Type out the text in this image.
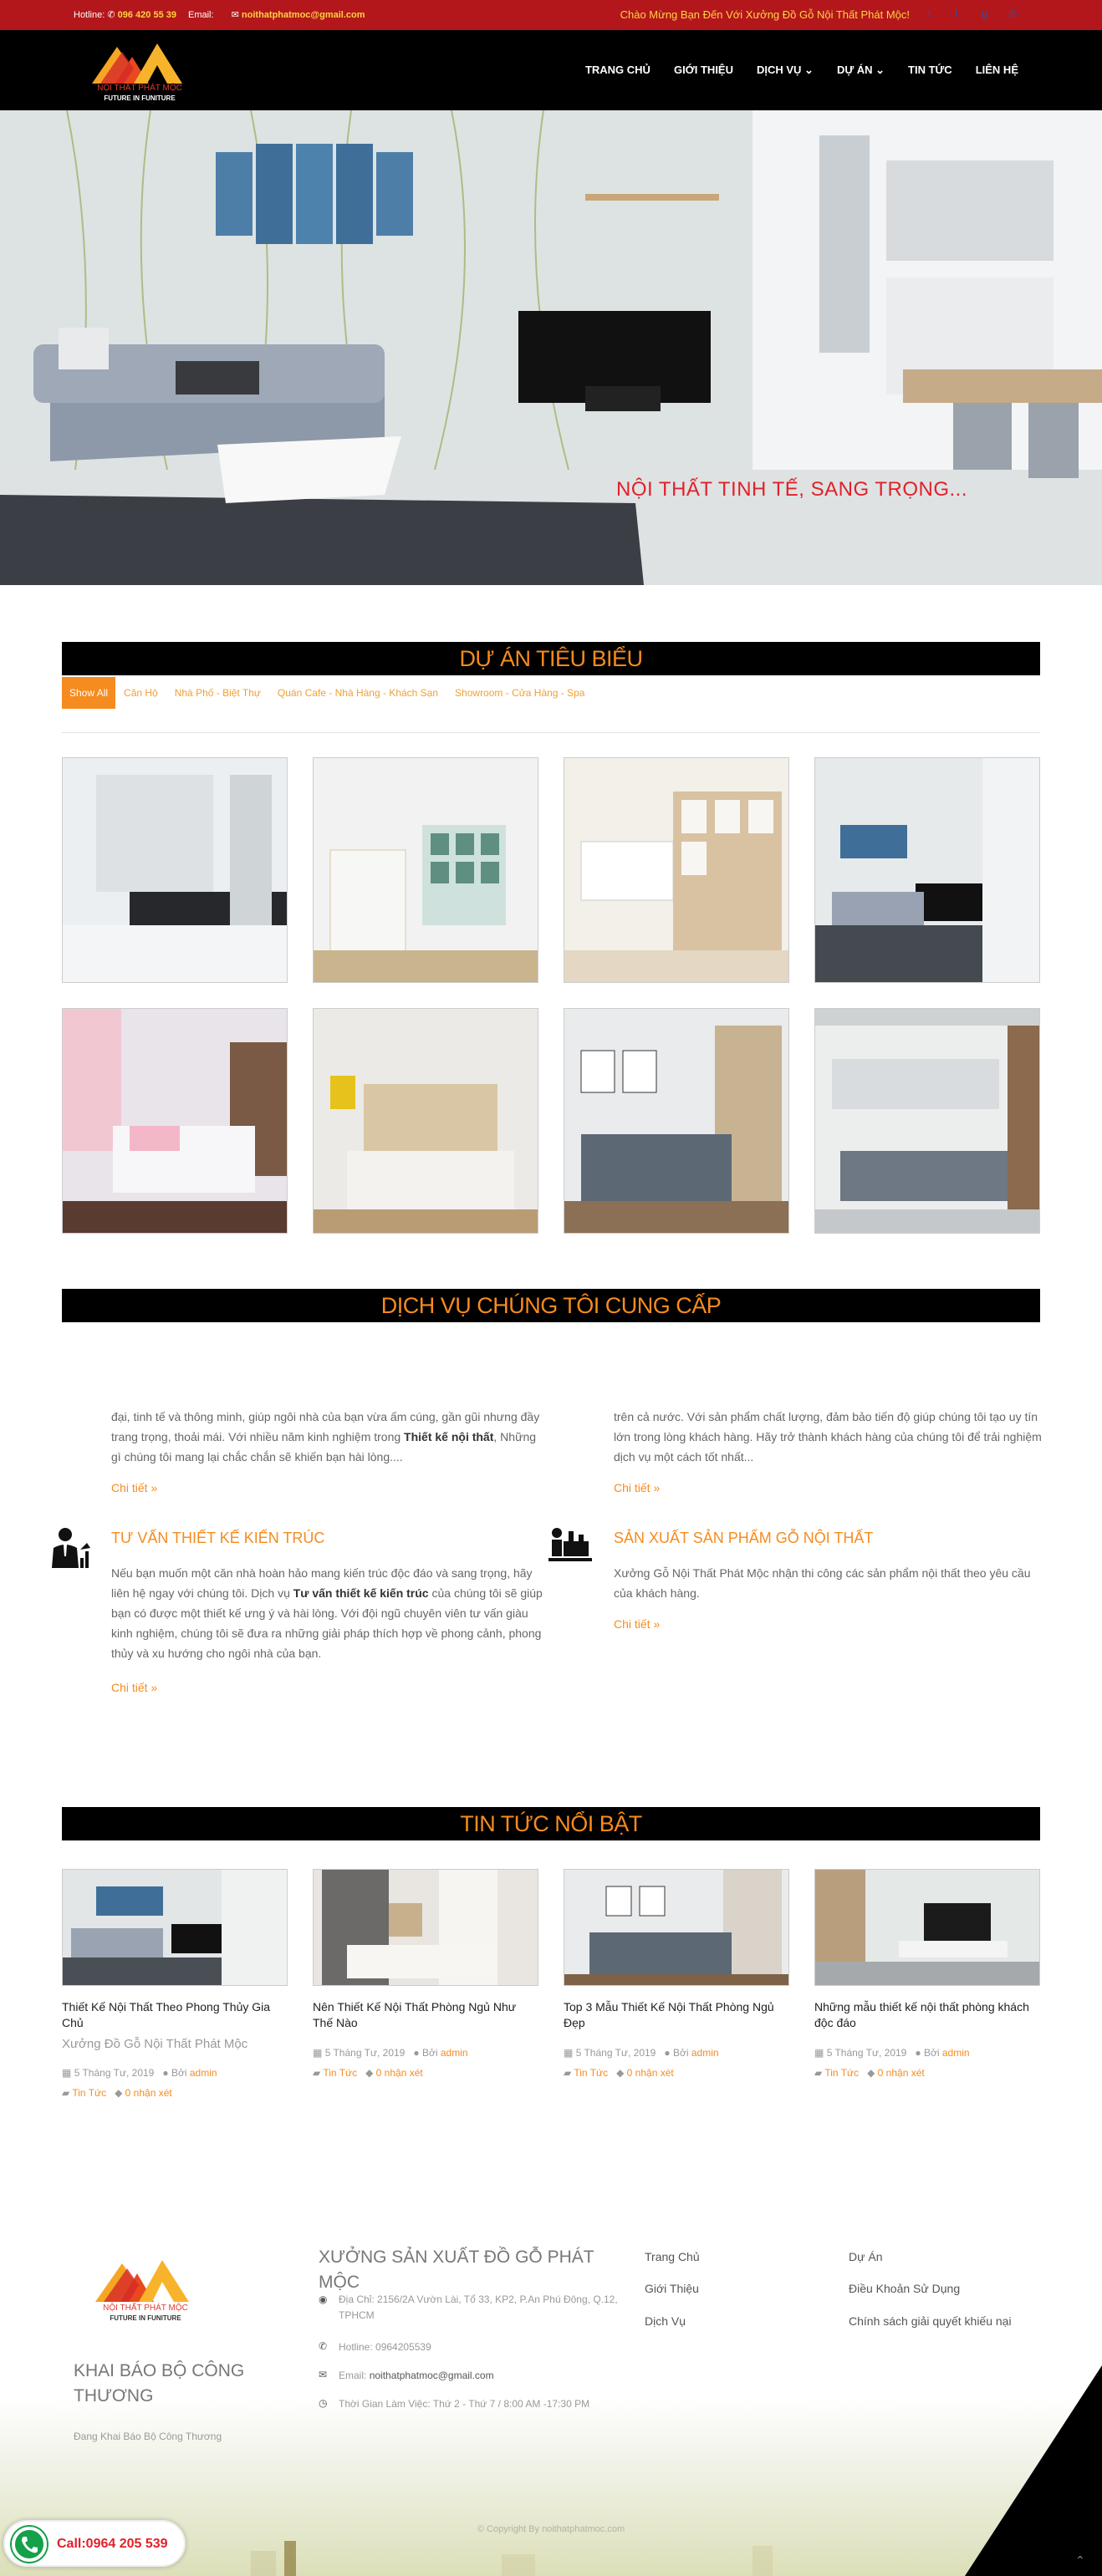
Hotline: ✆ 096 420 55 39 Email: ✉ noithatphatmoc@gmail.com	Chào Mừng Bạn Đến Với Xưởng Đồ Gỗ Nội Thất Phát Mộc! t	f	g	◎
NỘI THẤT PHÁT MỘC
FUTURE IN FUNITURE
TRANG CHỦ GIỚI THIỆU DỊCH VỤ ⌄ DỰ ÁN ⌄ TIN TỨC LIÊN HỆ
NỘI THẤT TINH TẾ, SANG TRỌNG...
DỰ ÁN TIÊU BIỂU
Show All	Căn Hộ	Nhà Phố - Biệt Thự	Quán Cafe - Nhà Hàng - Khách Sạn	Showroom - Cửa Hàng - Spa
DỊCH VỤ CHÚNG TÔI CUNG CẤP
đại, tinh tế và thông minh, giúp ngôi nhà của bạn vừa ấm cúng, gần gũi nhưng đầy trang trọng, thoải mái. Với nhiều năm kinh nghiệm trong Thiết kế nội thất, Những gì chúng tôi mang lại chắc chắn sẽ khiến bạn hài lòng....
Chi tiết »
trên cả nước. Với sản phẩm chất lượng, đảm bảo tiến độ giúp chúng tôi tạo uy tín lớn trong lòng khách hàng. Hãy trở thành khách hàng của chúng tôi để trải nghiệm dịch vụ một cách tốt nhất...
Chi tiết »
TƯ VẤN THIẾT KẾ KIẾN TRÚC
Nếu bạn muốn một căn nhà hoàn hảo mang kiến trúc độc đáo và sang trọng, hãy liên hệ ngay với chúng tôi. Dịch vụ Tư vấn thiết kế kiến trúc của chúng tôi sẽ giúp bạn có được một thiết kế ưng ý và hài lòng. Với đội ngũ chuyên viên tư vấn giàu kinh nghiệm, chúng tôi sẽ đưa ra những giải pháp thích hợp về phong cảnh, phong thủy và xu hướng cho ngôi nhà của bạn.
Chi tiết »
SẢN XUẤT SẢN PHẨM GỖ NỘI THẤT
Xưởng Gỗ Nội Thất Phát Mộc nhận thi công các sản phẩm nội thất theo yêu cầu của khách hàng.
Chi tiết »
TIN TỨC NỔI BẬT
Thiết Kế Nội Thất Theo Phong Thủy Gia Chủ
Xưởng Đồ Gỗ Nội Thất Phát Mộc
▦ 5 Tháng Tư, 2019 ● Bởi admin
▰ Tin Tức ◆ 0 nhận xét
Nên Thiết Kế Nội Thất Phòng Ngủ Như Thế Nào
▦ 5 Tháng Tư, 2019 ● Bởi admin
▰ Tin Tức ◆ 0 nhận xét
Top 3 Mẫu Thiết Kế Nội Thất Phòng Ngủ Đẹp
▦ 5 Tháng Tư, 2019 ● Bởi admin
▰ Tin Tức ◆ 0 nhận xét
Những mẫu thiết kế nội thất phòng khách độc đáo
▦ 5 Tháng Tư, 2019 ● Bởi admin
▰ Tin Tức ◆ 0 nhận xét
NỘI THẤT PHÁT MỘC
FUTURE IN FUNITURE
KHAI BÁO BỘ CÔNG THƯƠNG
Đang Khai Báo Bộ Công Thương
XƯỞNG SẢN XUẤT ĐỒ GỖ PHÁT MỘC
◉ Địa Chỉ: 2156/2A Vườn Lài, Tổ 33, KP2, P.An Phú Đông, Q.12, TPHCM
✆ Hotline: 0964205539
✉ Email: noithatphatmoc@gmail.com
◷ Thời Gian Làm Việc: Thứ 2 - Thứ 7 / 8:00 AM -17:30 PM
Trang Chủ
Giới Thiệu
Dịch Vụ
Dự Án
Điều Khoản Sử Dụng
Chính sách giải quyết khiếu nại
© Copyright By noithatphatmoc.com
⌃
Call:0964 205 539
